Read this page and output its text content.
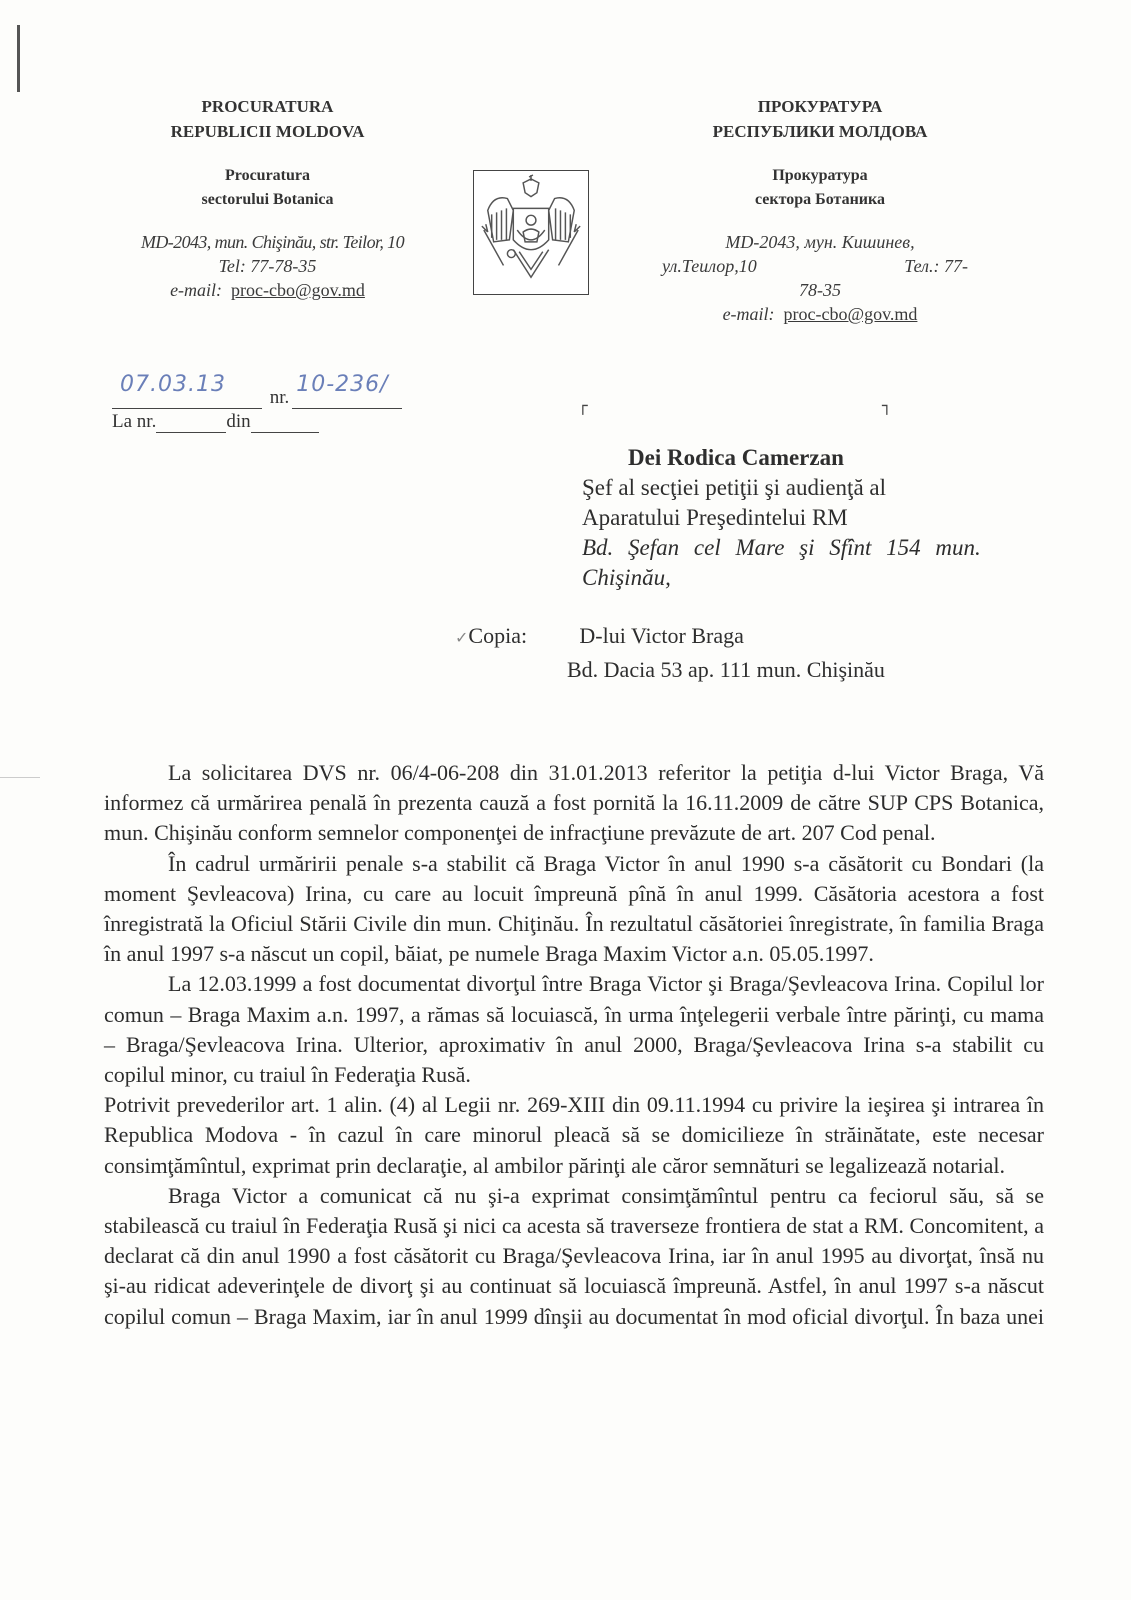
PROCURATURA
REPUBLICII MOLDOVA
Procuratura
sectorului Botanica
MD-2043, mun. Chişinău, str. Teilor, 10
Tel: 77-78-35
e-mail: proc-cbo@gov.md
ПРОКУРАТУРА
РЕСПУБЛИКИ МОЛДОВА
Прокуратура
сектора Ботаника
MD-2043, мун. Кишинев,
ул.Теилор,10	Тел.: 77-
78-35
e-mail: proc-cbo@gov.md
07.03.13
nr.
10-236/
La nr.	din
┌	┐
Dei Rodica Camerzan
Şef al secţiei petiţii şi audienţă al
Aparatului Preşedintelui RM
Bd. Şefan cel Mare şi Sfînt 154 mun.
Chişinău,
✓ Copia:	D-lui Victor Braga
Bd. Dacia 53 ap. 111 mun. Chişinău

La solicitarea DVS nr. 06/4-06-208 din 31.01.2013 referitor la petiţia d-lui Victor Braga, Vă informez că urmărirea penală în prezenta cauză a fost pornită la 16.11.2009 de către SUP CPS Botanica, mun. Chişinău conform semnelor componenţei de infracţiune prevăzute de art. 207 Cod penal.

În cadrul urmăririi penale s-a stabilit că Braga Victor în anul 1990 s-a căsătorit cu Bondari (la moment Şevleacova) Irina, cu care au locuit împreună pînă în anul 1999. Căsătoria acestora a fost înregistrată la Oficiul Stării Civile din mun. Chiţinău. În rezultatul căsătoriei înregistrate, în familia Braga în anul 1997 s-a născut un copil, băiat, pe numele Braga Maxim Victor a.n. 05.05.1997.

La 12.03.1999 a fost documentat divorţul între Braga Victor şi Braga/Şevleacova Irina. Copilul lor comun – Braga Maxim a.n. 1997, a rămas să locuiască, în urma înţelegerii verbale între părinţi, cu mama – Braga/Şevleacova Irina. Ulterior, aproximativ în anul 2000, Braga/Şevleacova Irina s-a stabilit cu copilul minor, cu traiul în Federaţia Rusă.

Potrivit prevederilor art. 1 alin. (4) al Legii nr. 269-XIII din 09.11.1994 cu privire la ieşirea şi intrarea în Republica Modova - în cazul în care minorul pleacă să se domicilieze în străinătate, este necesar consimţămîntul, exprimat prin declaraţie, al ambilor părinţi ale căror semnături se legalizează notarial.

Braga Victor a comunicat că nu şi-a exprimat consimţămîntul pentru ca feciorul său, să se stabilească cu traiul în Federaţia Rusă şi nici ca acesta să traverseze frontiera de stat a RM. Concomitent, a declarat că din anul 1990 a fost căsătorit cu Braga/Şevleacova Irina, iar în anul 1995 au divorţat, însă nu şi-au ridicat adeverinţele de divorţ şi au continuat să locuiască împreună. Astfel, în anul 1997 s-a născut copilul comun – Braga Maxim, iar în anul 1999 dînşii au documentat în mod oficial divorţul. În baza unei
